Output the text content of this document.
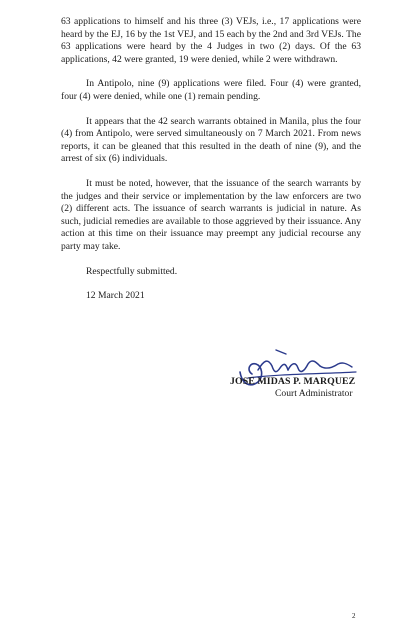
63 applications to himself and his three (3) VEJs, i.e., 17 applications were heard by the EJ, 16 by the 1st VEJ, and 15 each by the 2nd and 3rd VEJs. The 63 applications were heard by the 4 Judges in two (2) days. Of the 63 applications, 42 were granted, 19 were denied, while 2 were withdrawn.

In Antipolo, nine (9) applications were filed. Four (4) were granted, four (4) were denied, while one (1) remain pending.

It appears that the 42 search warrants obtained in Manila, plus the four (4) from Antipolo, were served simultaneously on 7 March 2021. From news reports, it can be gleaned that this resulted in the death of nine (9), and the arrest of six (6) individuals.

It must be noted, however, that the issuance of the search warrants by the judges and their service or implementation by the law enforcers are two (2) different acts. The issuance of search warrants is judicial in nature. As such, judicial remedies are available to those aggrieved by their issuance. Any action at this time on their issuance may preempt any judicial recourse any party may take.

Respectfully submitted.

12 March 2021

JOSE MIDAS P. MARQUEZ

Court Administrator

2
